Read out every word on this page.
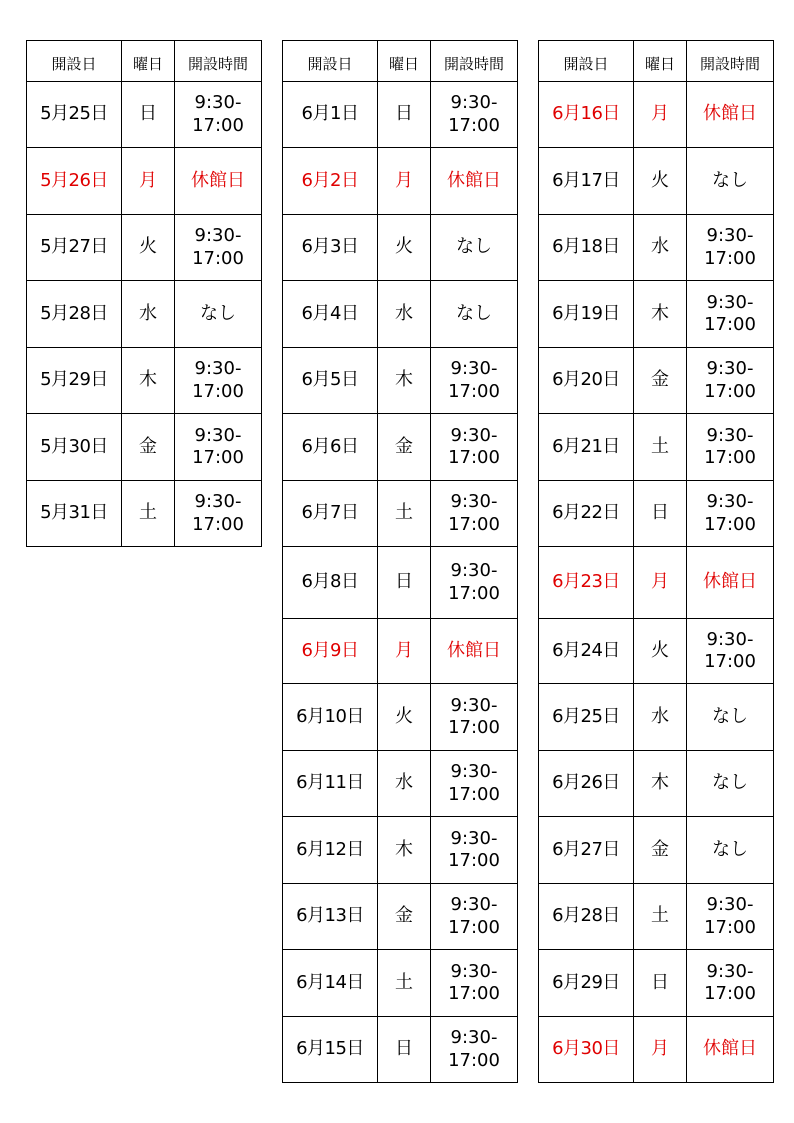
開設日	曜日	開設時間
5月25日	日	9:30-
17:00
5月26日	月	休館日
5月27日	火	9:30-
17:00
5月28日	水	なし
5月29日	木	9:30-
17:00
5月30日	金	9:30-
17:00
5月31日	土	9:30-
17:00
開設日	曜日	開設時間
6月1日	日	9:30-
17:00
6月2日	月	休館日
6月3日	火	なし
6月4日	水	なし
6月5日	木	9:30-
17:00
6月6日	金	9:30-
17:00
6月7日	土	9:30-
17:00
6月8日	日	9:30-
17:00
6月9日	月	休館日
6月10日	火	9:30-
17:00
6月11日	水	9:30-
17:00
6月12日	木	9:30-
17:00
6月13日	金	9:30-
17:00
6月14日	土	9:30-
17:00
6月15日	日	9:30-
17:00
開設日	曜日	開設時間
6月16日	月	休館日
6月17日	火	なし
6月18日	水	9:30-
17:00
6月19日	木	9:30-
17:00
6月20日	金	9:30-
17:00
6月21日	土	9:30-
17:00
6月22日	日	9:30-
17:00
6月23日	月	休館日
6月24日	火	9:30-
17:00
6月25日	水	なし
6月26日	木	なし
6月27日	金	なし
6月28日	土	9:30-
17:00
6月29日	日	9:30-
17:00
6月30日	月	休館日
